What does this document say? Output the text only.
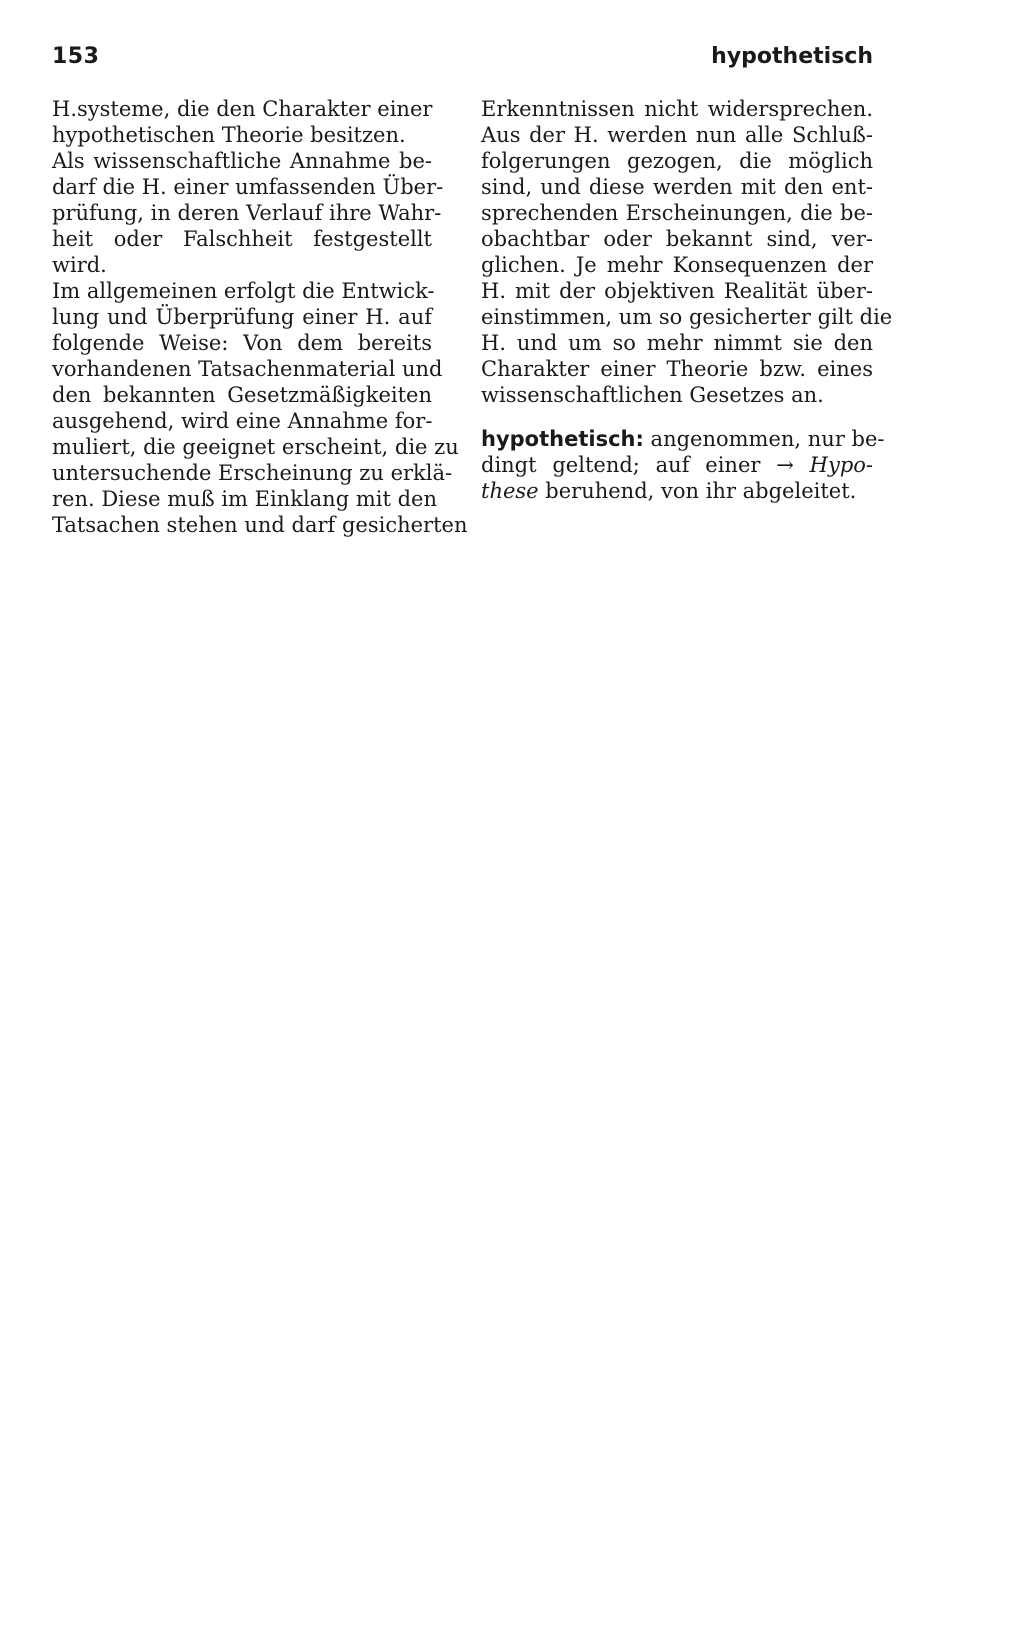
153	hypothetisch
H.systeme, die den Charakter einer
hypothetischen Theorie besitzen.
Als wissenschaftliche Annahme be-
darf die H. einer umfassenden Über-
prüfung, in deren Verlauf ihre Wahr-
heit oder Falschheit festgestellt
wird.
Im allgemeinen erfolgt die Entwick-
lung und Überprüfung einer H. auf
folgende Weise: Von dem bereits
vorhandenen Tatsachenmaterial und
den bekannten Gesetzmäßigkeiten
ausgehend, wird eine Annahme for-
muliert, die geeignet erscheint, die zu
untersuchende Erscheinung zu erklä-
ren. Diese muß im Einklang mit den
Tatsachen stehen und darf gesicherten
Erkenntnissen nicht widersprechen.
Aus der H. werden nun alle Schluß-
folgerungen gezogen, die möglich
sind, und diese werden mit den ent-
sprechenden Erscheinungen, die be-
obachtbar oder bekannt sind, ver-
glichen. Je mehr Konsequenzen der
H. mit der objektiven Realität über-
einstimmen, um so gesicherter gilt die
H. und um so mehr nimmt sie den
Charakter einer Theorie bzw. eines
wissenschaftlichen Gesetzes an.
hypothetisch: angenommen, nur be-
dingt geltend; auf einer → Hypo-
these beruhend, von ihr abgeleitet.
